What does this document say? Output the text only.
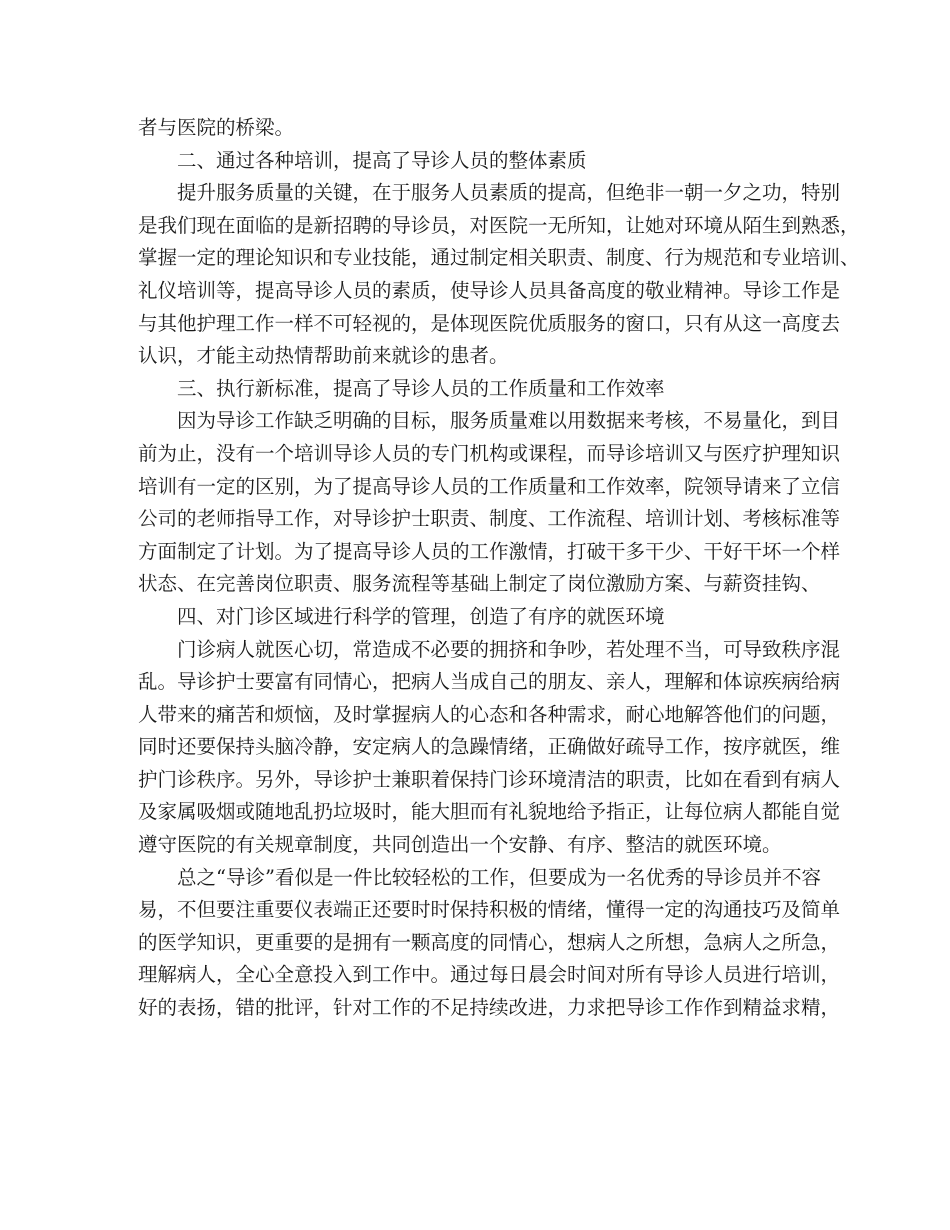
者与医院的桥梁。
二、通过各种培训，提高了导诊人员的整体素质
提升服务质量的关键，在于服务人员素质的提高，但绝非一朝一夕之功，特别
是我们现在面临的是新招聘的导诊员，对医院一无所知，让她对环境从陌生到熟悉，
掌握一定的理论知识和专业技能，通过制定相关职责、制度、行为规范和专业培训、
礼仪培训等，提高导诊人员的素质，使导诊人员具备高度的敬业精神。导诊工作是
与其他护理工作一样不可轻视的，是体现医院优质服务的窗口，只有从这一高度去
认识，才能主动热情帮助前来就诊的患者。
三、执行新标准，提高了导诊人员的工作质量和工作效率
因为导诊工作缺乏明确的目标，服务质量难以用数据来考核，不易量化，到目
前为止，没有一个培训导诊人员的专门机构或课程，而导诊培训又与医疗护理知识
培训有一定的区别，为了提高导诊人员的工作质量和工作效率，院领导请来了立信
公司的老师指导工作，对导诊护士职责、制度、工作流程、培训计划、考核标准等
方面制定了计划。为了提高导诊人员的工作激情，打破干多干少、干好干坏一个样
状态、在完善岗位职责、服务流程等基础上制定了岗位激励方案、与薪资挂钩、
四、对门诊区域进行科学的管理，创造了有序的就医环境
门诊病人就医心切，常造成不必要的拥挤和争吵，若处理不当，可导致秩序混
乱。导诊护士要富有同情心，把病人当成自己的朋友、亲人，理解和体谅疾病给病
人带来的痛苦和烦恼，及时掌握病人的心态和各种需求，耐心地解答他们的问题，
同时还要保持头脑冷静，安定病人的急躁情绪，正确做好疏导工作，按序就医，维
护门诊秩序。另外，导诊护士兼职着保持门诊环境清洁的职责，比如在看到有病人
及家属吸烟或随地乱扔垃圾时，能大胆而有礼貌地给予指正，让每位病人都能自觉
遵守医院的有关规章制度，共同创造出一个安静、有序、整洁的就医环境。
总之“导诊”看似是一件比较轻松的工作，但要成为一名优秀的导诊员并不容
易，不但要注重要仪表端正还要时时保持积极的情绪，懂得一定的沟通技巧及简单
的医学知识，更重要的是拥有一颗高度的同情心，想病人之所想，急病人之所急，
理解病人，全心全意投入到工作中。通过每日晨会时间对所有导诊人员进行培训，
好的表扬，错的批评，针对工作的不足持续改进，力求把导诊工作作到精益求精，
